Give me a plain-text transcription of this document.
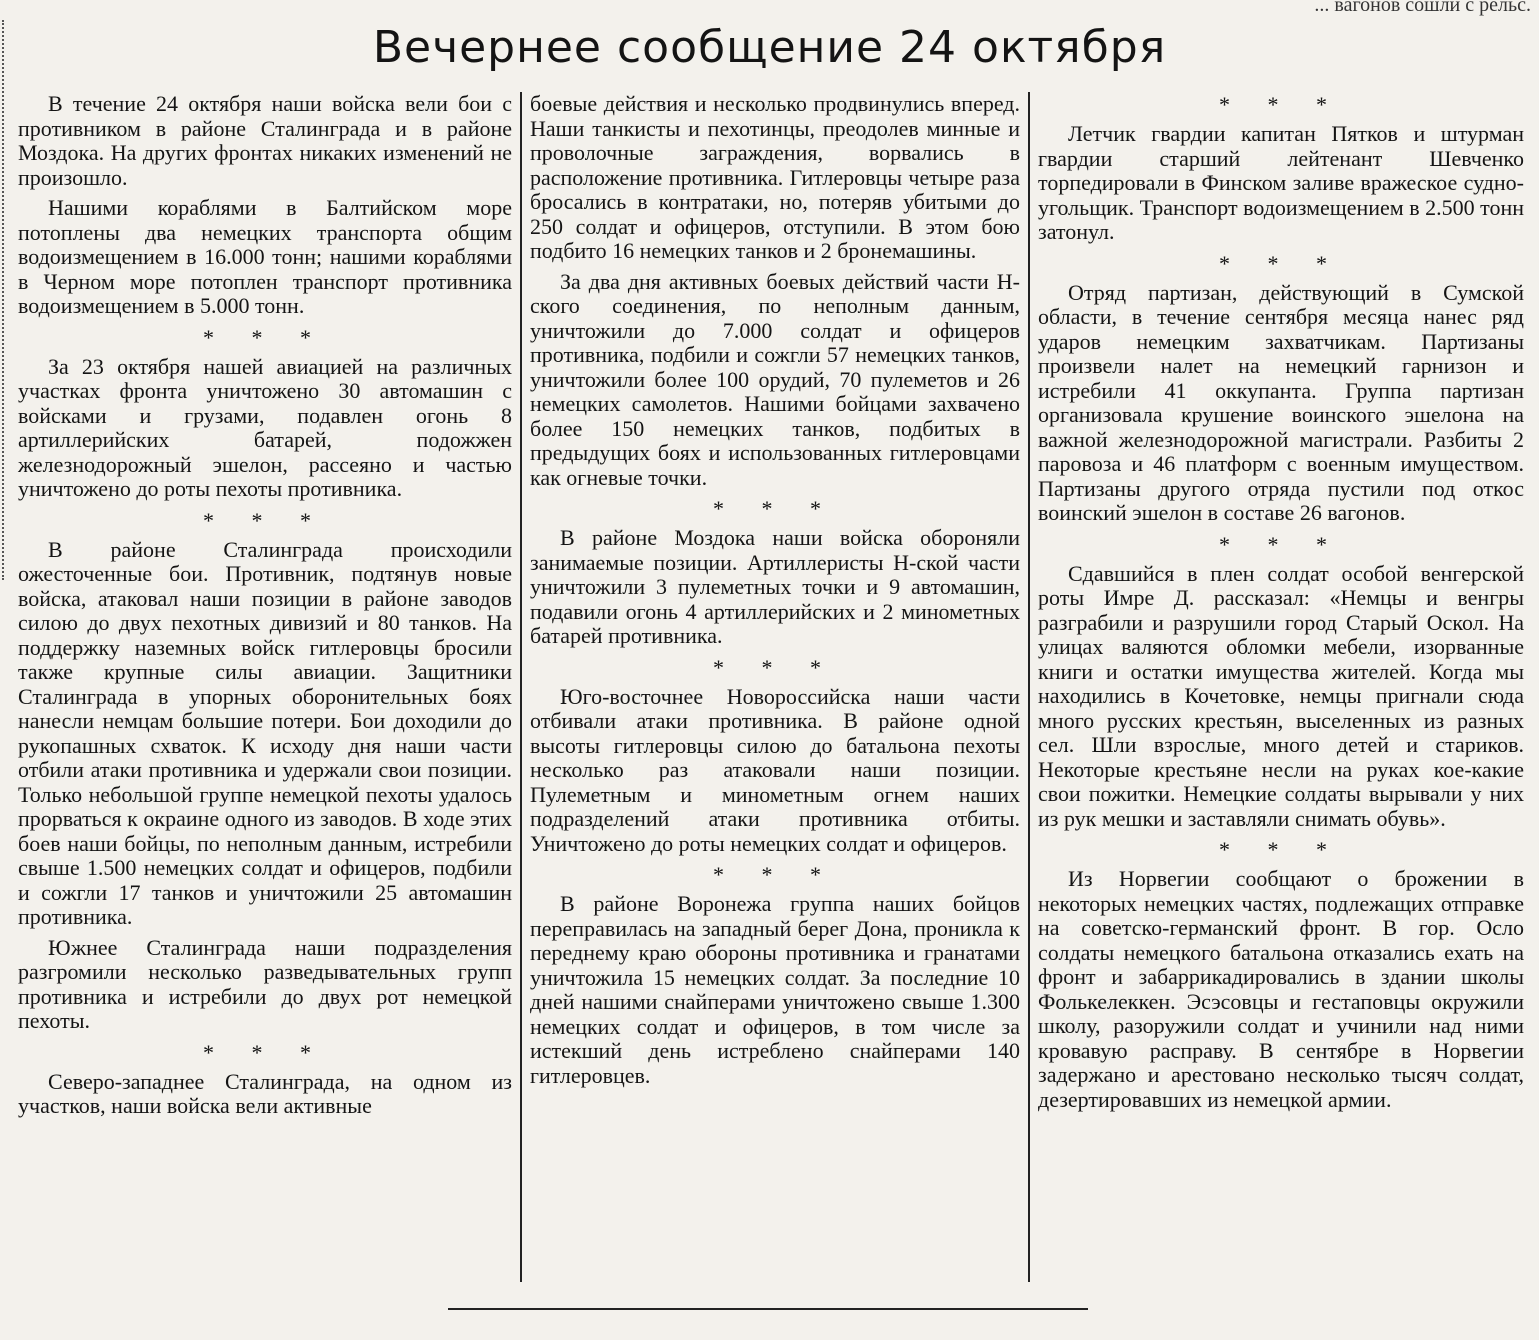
... вагонов сошли с рельс.
Вечернее сообщение 24 октября

В течение 24 октября наши войска вели бои с противником в районе Сталинграда и в районе Моздока. На других фронтах никаких изменений не произошло.

Нашими кораблями в Балтийском море потоплены два немецких транспорта общим водоизмещением в 16.000 тонн; нашими кораблями в Черном море потоплен транспорт противника водоизмещением в 5.000 тонн.

* * *

За 23 октября нашей авиацией на различных участках фронта уничтожено 30 автомашин с войсками и грузами, подавлен огонь 8 артиллерийских батарей, подожжен железнодорожный эшелон, рассеяно и частью уничтожено до роты пехоты противника.

* * *

В районе Сталинграда происходили ожесточенные бои. Противник, подтянув новые войска, атаковал наши позиции в районе заводов силою до двух пехотных дивизий и 80 танков. На поддержку наземных войск гитлеровцы бросили также крупные силы авиации. Защитники Сталинграда в упорных оборонительных боях нанесли немцам большие потери. Бои доходили до рукопашных схваток. К исходу дня наши части отбили атаки противника и удержали свои позиции. Только небольшой группе немецкой пехоты удалось прорваться к окраине одного из заводов. В ходе этих боев наши бойцы, по неполным данным, истребили свыше 1.500 немецких солдат и офицеров, подбили и сожгли 17 танков и уничтожили 25 автомашин противника.

Южнее Сталинграда наши подразделения разгромили несколько разведывательных групп противника и истребили до двух рот немецкой пехоты.

* * *

Северо-западнее Сталинграда, на одном из участков, наши войска вели активные

боевые действия и несколько продвинулись вперед. Наши танкисты и пехотинцы, преодолев минные и проволочные заграждения, ворвались в расположение противника. Гитлеровцы четыре раза бросались в контратаки, но, потеряв убитыми до 250 солдат и офицеров, отступили. В этом бою подбито 16 немецких танков и 2 бронемашины.

За два дня активных боевых действий части Н-ского соединения, по неполным данным, уничтожили до 7.000 солдат и офицеров противника, подбили и сожгли 57 немецких танков, уничтожили более 100 орудий, 70 пулеметов и 26 немецких самолетов. Нашими бойцами захвачено более 150 немецких танков, подбитых в предыдущих боях и использованных гитлеровцами как огневые точки.

* * *

В районе Моздока наши войска обороняли занимаемые позиции. Артиллеристы Н-ской части уничтожили 3 пулеметных точки и 9 автомашин, подавили огонь 4 артиллерийских и 2 минометных батарей противника.

* * *

Юго-восточнее Новороссийска наши части отбивали атаки противника. В районе одной высоты гитлеровцы силою до батальона пехоты несколько раз атаковали наши позиции. Пулеметным и минометным огнем наших подразделений атаки противника отбиты. Уничтожено до роты немецких солдат и офицеров.

* * *

В районе Воронежа группа наших бойцов переправилась на западный берег Дона, проникла к переднему краю обороны противника и гранатами уничтожила 15 немецких солдат. За последние 10 дней нашими снайперами уничтожено свыше 1.300 немецких солдат и офицеров, в том числе за истекший день истреблено снайперами 140 гитлеровцев.

* * *

Летчик гвардии капитан Пятков и штурман гвардии старший лейтенант Шевченко торпедировали в Финском заливе вражеское судно-угольщик. Транспорт водоизмещением в 2.500 тонн затонул.

* * *

Отряд партизан, действующий в Сумской области, в течение сентября месяца нанес ряд ударов немецким захватчикам. Партизаны произвели налет на немецкий гарнизон и истребили 41 оккупанта. Группа партизан организовала крушение воинского эшелона на важной железнодорожной магистрали. Разбиты 2 паровоза и 46 платформ с военным имуществом. Партизаны другого отряда пустили под откос воинский эшелон в составе 26 вагонов.

* * *

Сдавшийся в плен солдат особой венгерской роты Имре Д. рассказал: «Немцы и венгры разграбили и разрушили город Старый Оскол. На улицах валяются обломки мебели, изорванные книги и остатки имущества жителей. Когда мы находились в Кочетовке, немцы пригнали сюда много русских крестьян, выселенных из разных сел. Шли взрослые, много детей и стариков. Некоторые крестьяне несли на руках кое-какие свои пожитки. Немецкие солдаты вырывали у них из рук мешки и заставляли снимать обувь».

* * *

Из Норвегии сообщают о брожении в некоторых немецких частях, подлежащих отправке на советско-германский фронт. В гор. Осло солдаты немецкого батальона отказались ехать на фронт и забаррикадировались в здании школы Фолькелеккен. Эсэсовцы и гестаповцы окружили школу, разоружили солдат и учинили над ними кровавую расправу. В сентябре в Норвегии задержано и арестовано несколько тысяч солдат, дезертировавших из немецкой армии.
